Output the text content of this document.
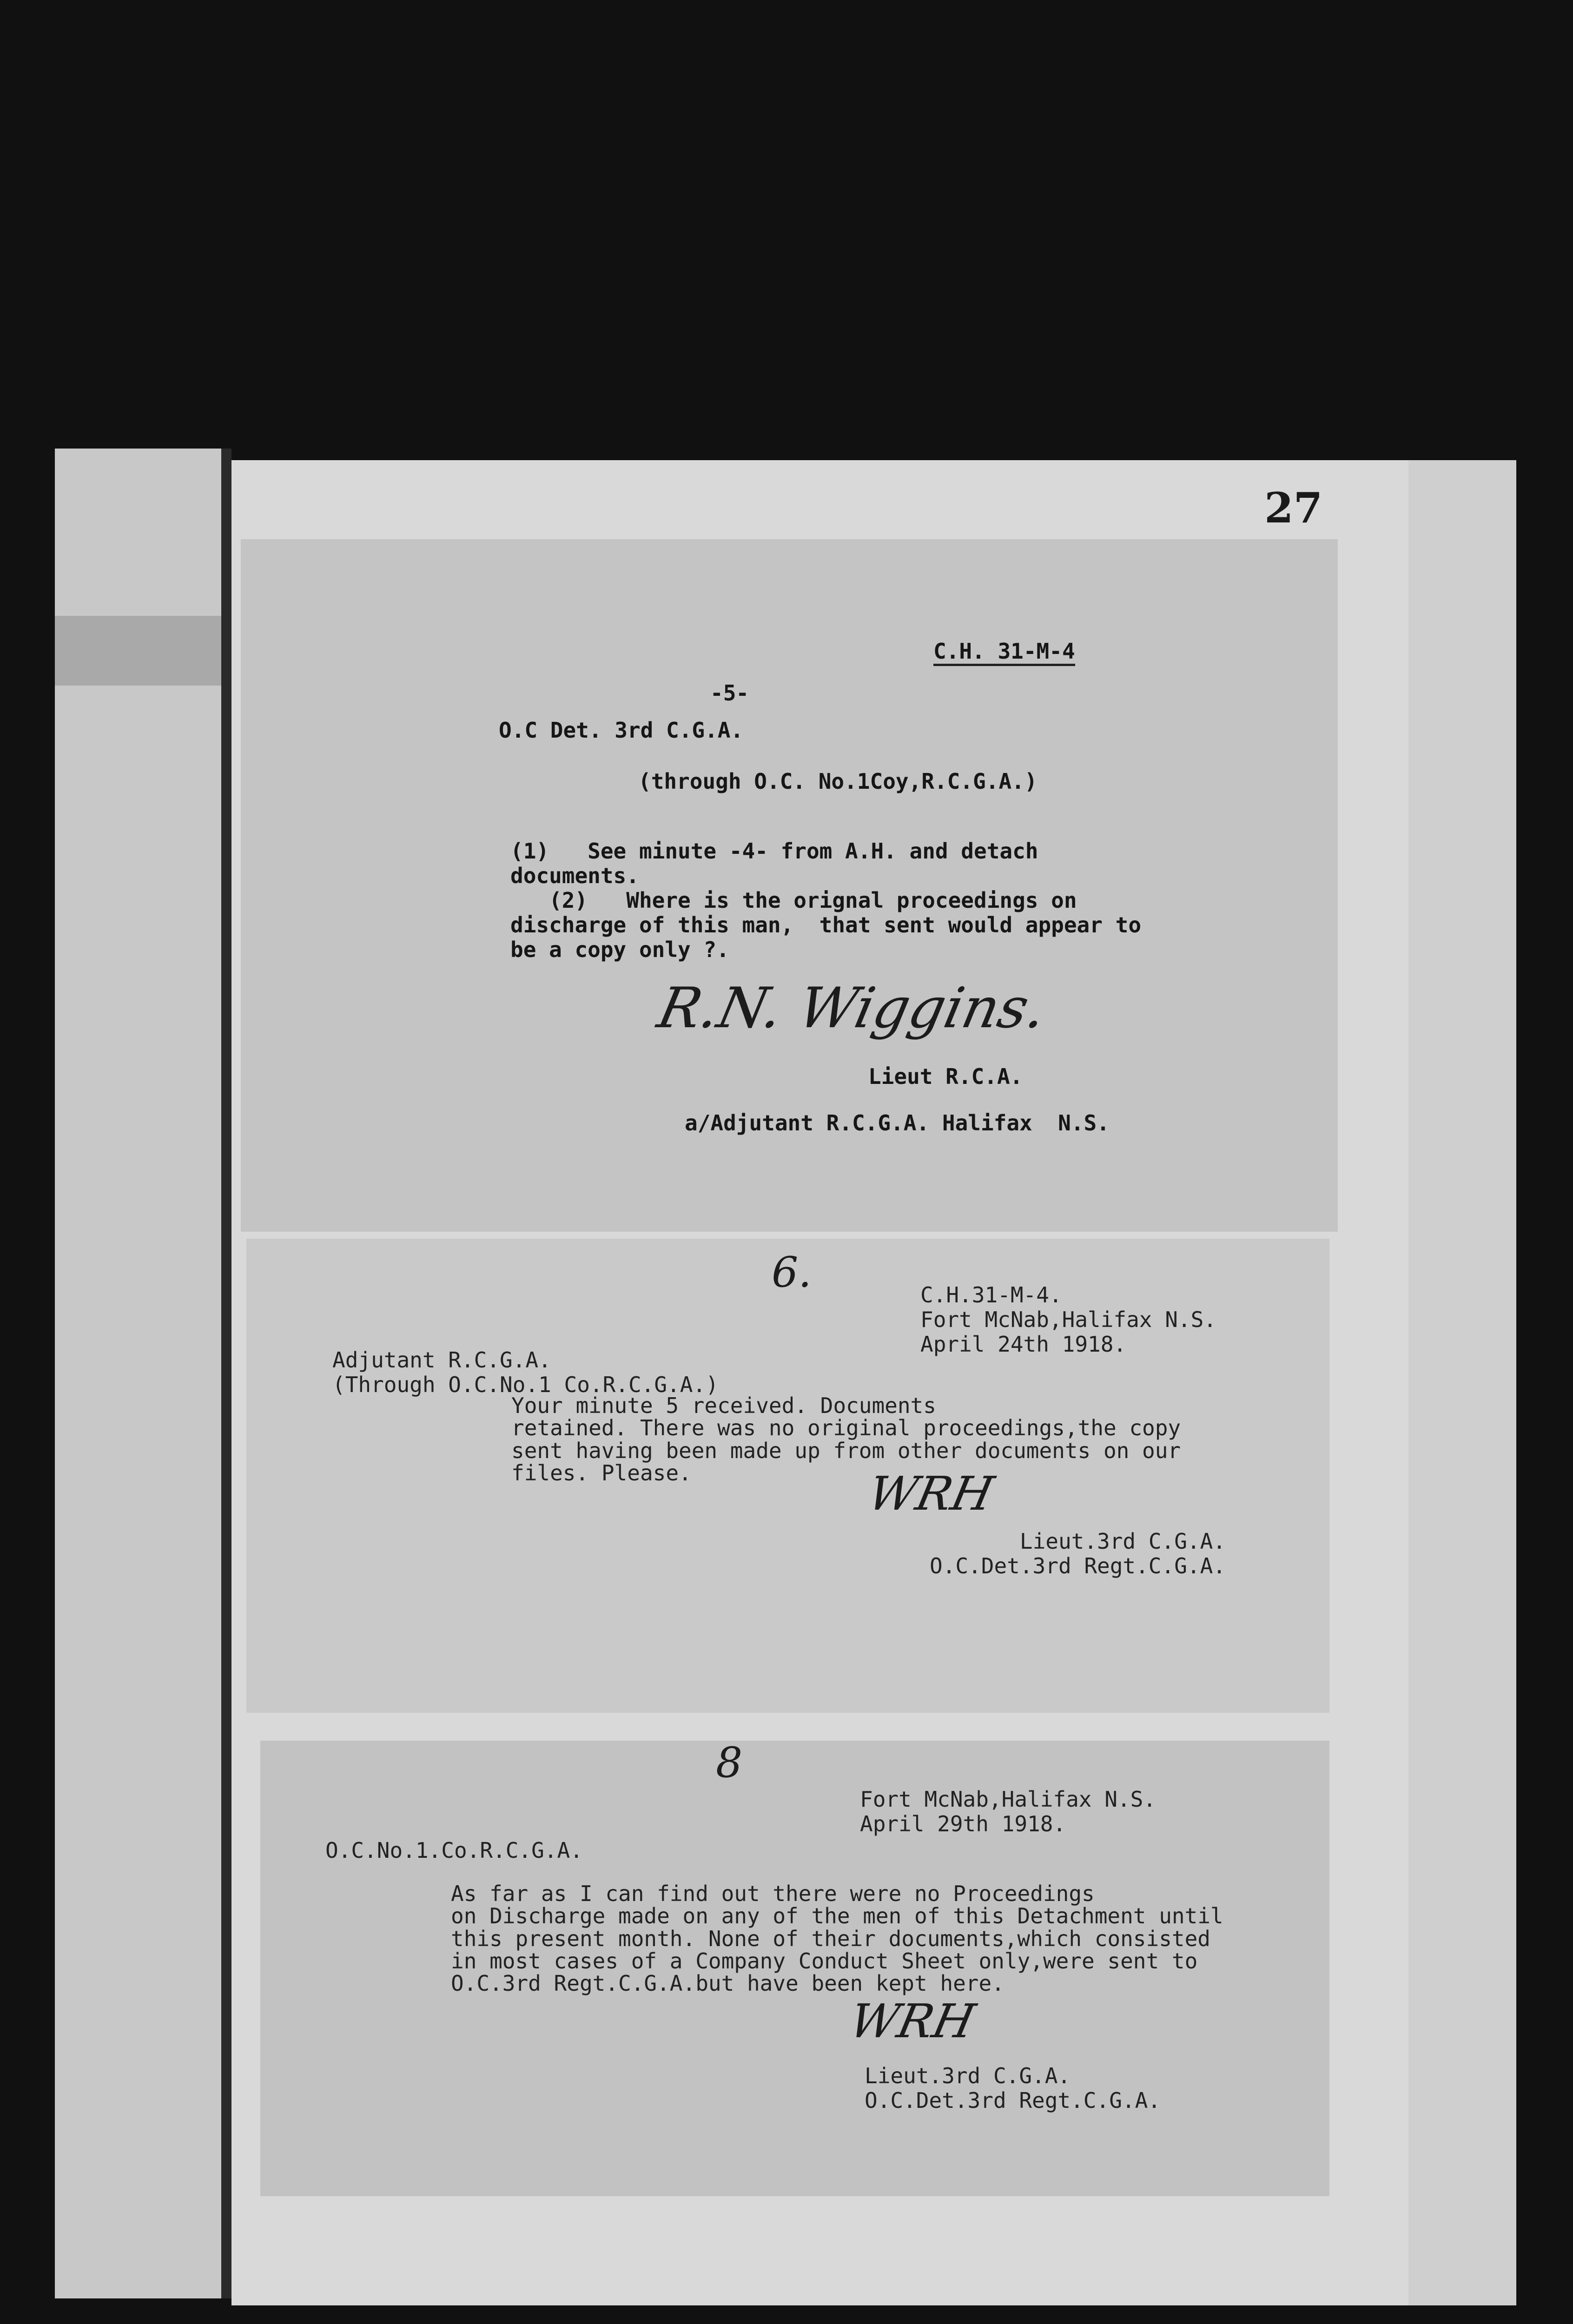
27
C.H. 31-M-4
-5-
O.C Det. 3rd C.G.A.
(through O.C. No.1Coy,R.C.G.A.)
(1)   See minute -4- from A.H. and detach
documents.
(2)   Where is the orignal proceedings on
discharge of this man,  that sent would appear to
be a copy only ?.
R.N. Wiggins.
Lieut R.C.A.
a/Adjutant R.C.G.A. Halifax  N.S.
6.	C.H.31-M-4.
Fort McNab,Halifax N.S.
April 24th 1918.
Adjutant R.C.G.A.
(Through O.C.No.1 Co.R.C.G.A.)
Your minute 5 received. Documents
retained. There was no original proceedings,the copy
sent having been made up from other documents on our
files. Please.	WRH
Lieut.3rd C.G.A.
O.C.Det.3rd Regt.C.G.A.
8
Fort McNab,Halifax N.S.
April 29th 1918.
O.C.No.1.Co.R.C.G.A.
As far as I can find out there were no Proceedings
on Discharge made on any of the men of this Detachment until
this present month. None of their documents,which consisted
in most cases of a Company Conduct Sheet only,were sent to
O.C.3rd Regt.C.G.A.but have been kept here.
WRH
Lieut.3rd C.G.A.
O.C.Det.3rd Regt.C.G.A.
